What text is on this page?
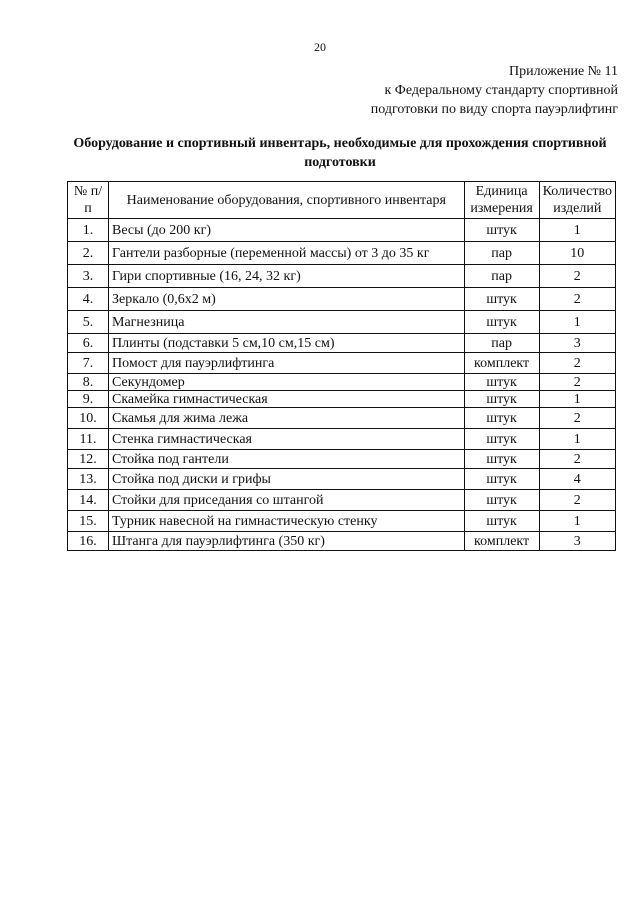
20
Приложение № 11
к Федеральному стандарту спортивной
подготовки по виду спорта пауэрлифтинг
Оборудование и спортивный инвентарь, необходимые для прохождения спортивной подготовки
№ п/п	Наименование оборудования, спортивного инвентаря	Единица измерения	Количество изделий
1.	Весы (до 200 кг)	штук	1
2.	Гантели разборные (переменной массы) от 3 до 35 кг	пар	10
3.	Гири спортивные (16, 24, 32 кг)	пар	2
4.	Зеркало (0,6х2 м)	штук	2
5.	Магнезница	штук	1
6.	Плинты (подставки 5 см,10 см,15 см)	пар	3
7.	Помост для пауэрлифтинга	комплект	2
8.	Секундомер	штук	2
9.	Скамейка гимнастическая	штук	1
10.	Скамья для жима лежа	штук	2
11.	Стенка гимнастическая	штук	1
12.	Стойка под гантели	штук	2
13.	Стойка под диски и грифы	штук	4
14.	Стойки для приседания со штангой	штук	2
15.	Турник навесной на гимнастическую стенку	штук	1
16.	Штанга для пауэрлифтинга (350 кг)	комплект	3
